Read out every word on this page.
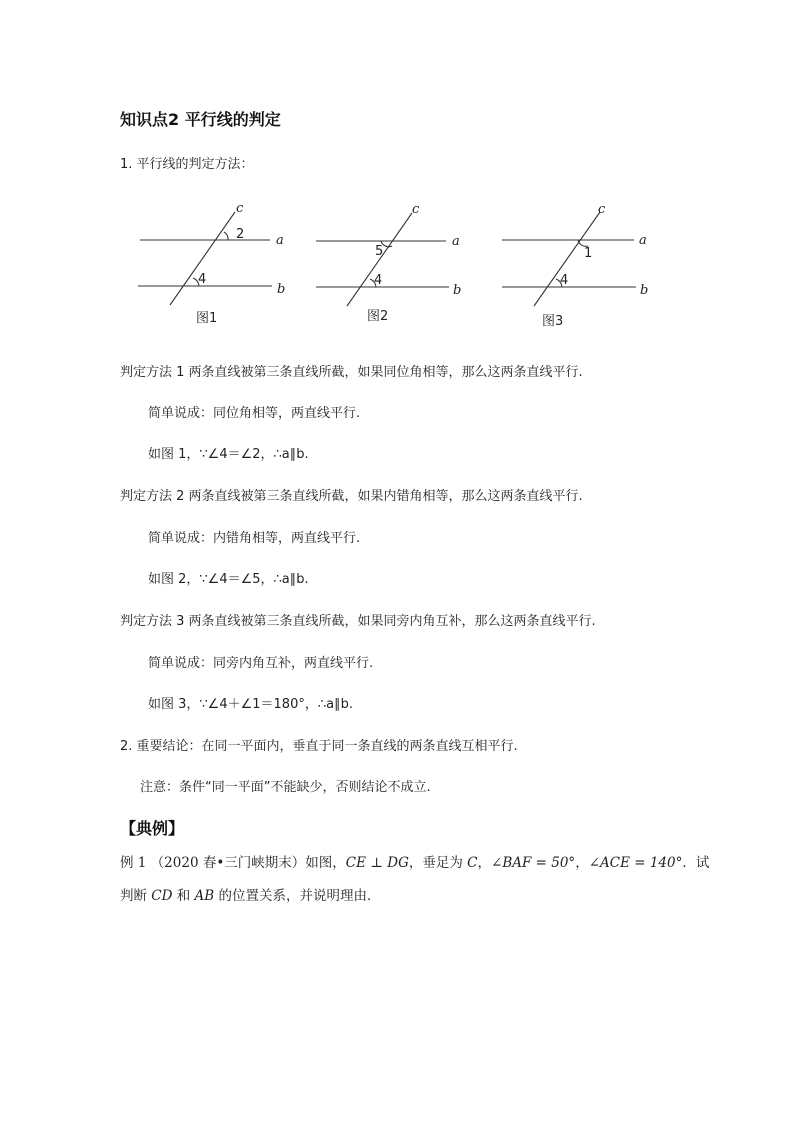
知识点2 平行线的判定
1. 平行线的判定方法：
c
2 a
4
b
图1
c
5
a
4
b
图2
c
1
a
4
b
图3
判定方法 1 两条直线被第三条直线所截，如果同位角相等，那么这两条直线平行.
简单说成：同位角相等，两直线平行.
如图 1，∵∠4＝∠2，∴a∥b.
判定方法 2 两条直线被第三条直线所截，如果内错角相等，那么这两条直线平行.
简单说成：内错角相等，两直线平行.
如图 2，∵∠4＝∠5，∴a∥b.
判定方法 3 两条直线被第三条直线所截，如果同旁内角互补，那么这两条直线平行.
简单说成：同旁内角互补，两直线平行.
如图 3，∵∠4＋∠1＝180°，∴a∥b.
2. 重要结论：在同一平面内，垂直于同一条直线的两条直线互相平行.
注意：条件“同一平面”不能缺少，否则结论不成立.
【典例】
例 1 （2020 春•三门峡期末）如图，CE ⊥ DG，垂足为 C，∠BAF = 50°，∠ACE = 140°．试
判断 CD 和 AB 的位置关系，并说明理由．
